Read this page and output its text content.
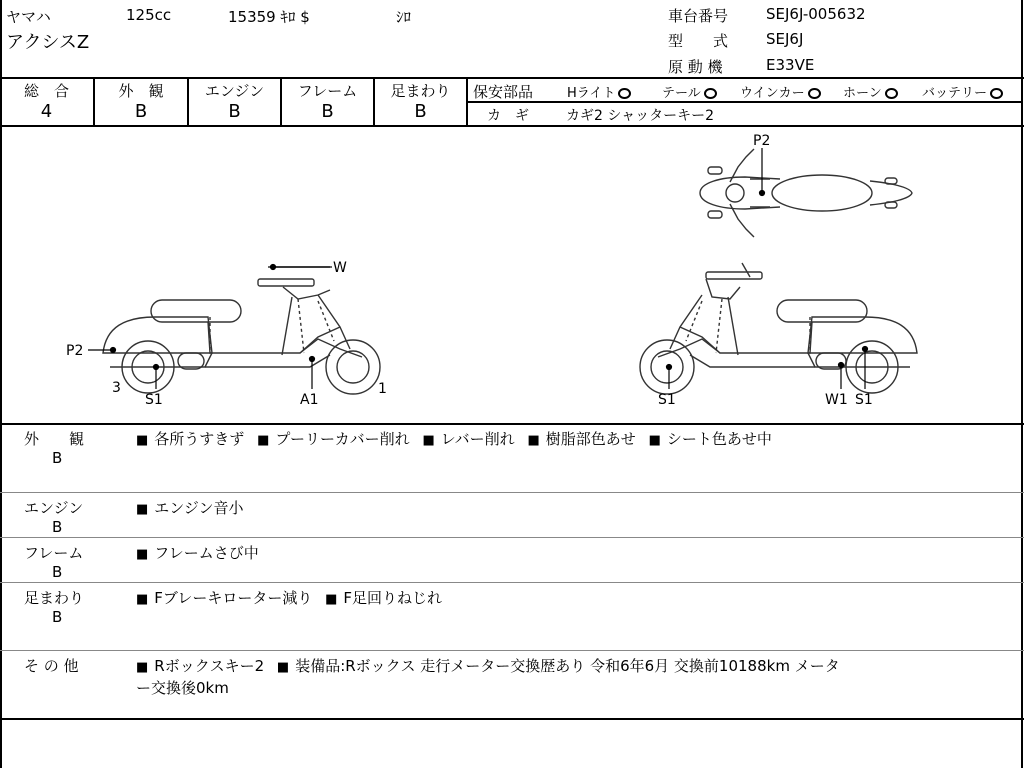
ヤマハ	125cc	15359 ｷﾛ $	ｼﾛ
アクシスZ
車台番号	SEJ6J-005632
型　　式	SEJ6J
原 動 機	E33VE
総　合
4
外　観
B
エンジン
B
フレーム
B
足まわり
B
保安部品	Hライト	テール	ウインカー	ホーン	バッテリー
カ　ギ	カギ2 シャッターキー2
P2
W
P2
3
S1	A1
1
S1	W1 S1
外　　観
B
■ 各所うすきず ■ プーリーカバー削れ ■ レバー削れ ■ 樹脂部色あせ ■ シート色あせ中
エンジン
B
■ エンジン音小
フレーム
B
■ フレームさび中
足まわり
B
■ Fブレーキローター減り ■ F足回りねじれ
そ の 他	■ Rボックスキー2 ■ 装備品:Rボックス 走行メーター交換歴あり 令和6年6月 交換前10188km メータ
ー交換後0km
